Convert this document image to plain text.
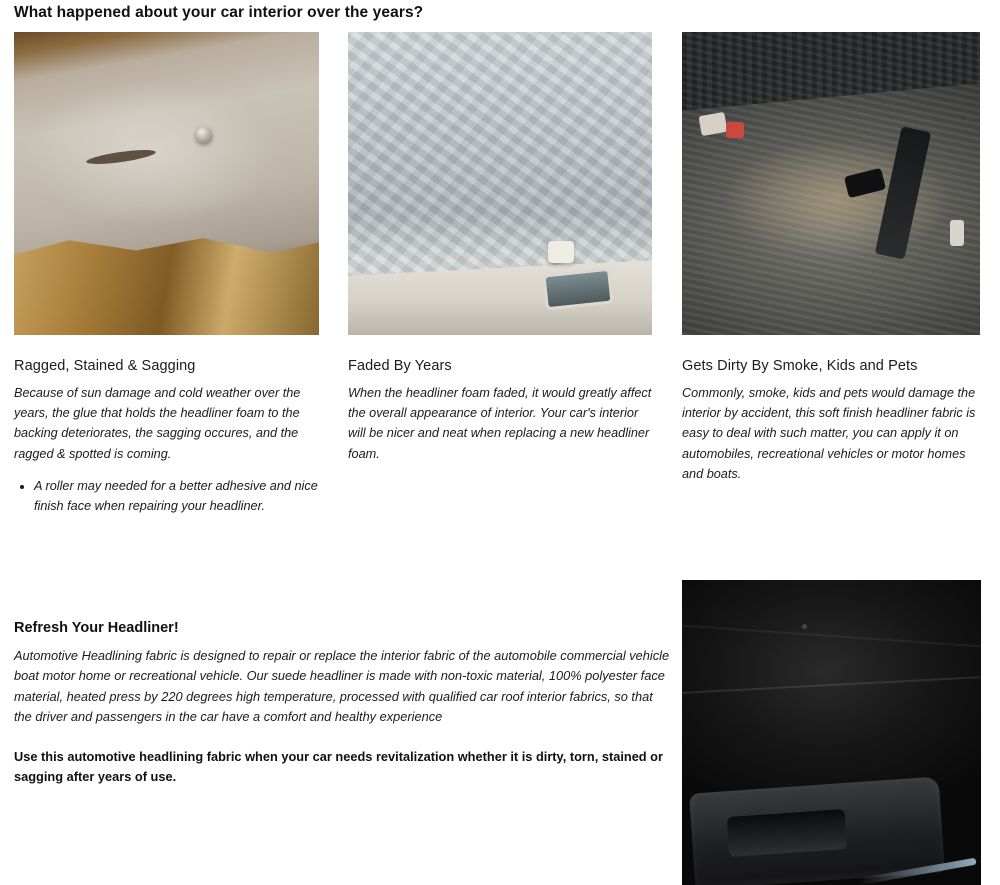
What happened about your car interior over the years?
Ragged, Stained & Sagging
Because of sun damage and cold weather over the years, the glue that holds the headliner foam to the backing deteriorates, the sagging occures, and the ragged & spotted is coming.
• A roller may needed for a better adhesive and nice finish face when repairing your headliner.
Faded By Years
When the headliner foam faded, it would greatly affect the overall appearance of interior. Your car's interior will be nicer and neat when replacing a new headliner foam.
Gets Dirty By Smoke, Kids and Pets
Commonly, smoke, kids and pets would damage the interior by accident, this soft finish headliner fabric is easy to deal with such matter, you can apply it on automobiles, recreational vehicles or motor homes and boats.
Refresh Your Headliner!
Automotive Headlining fabric is designed to repair or replace the interior fabric of the automobile commercial vehicle boat motor home or recreational vehicle. Our suede headliner is made with non-toxic material, 100% polyester face material, heated press by 220 degrees high temperature, processed with qualified car roof interior fabrics, so that the driver and passengers in the car have a comfort and healthy experience
Use this automotive headlining fabric when your car needs revitalization whether it is dirty, torn, stained or sagging after years of use.
